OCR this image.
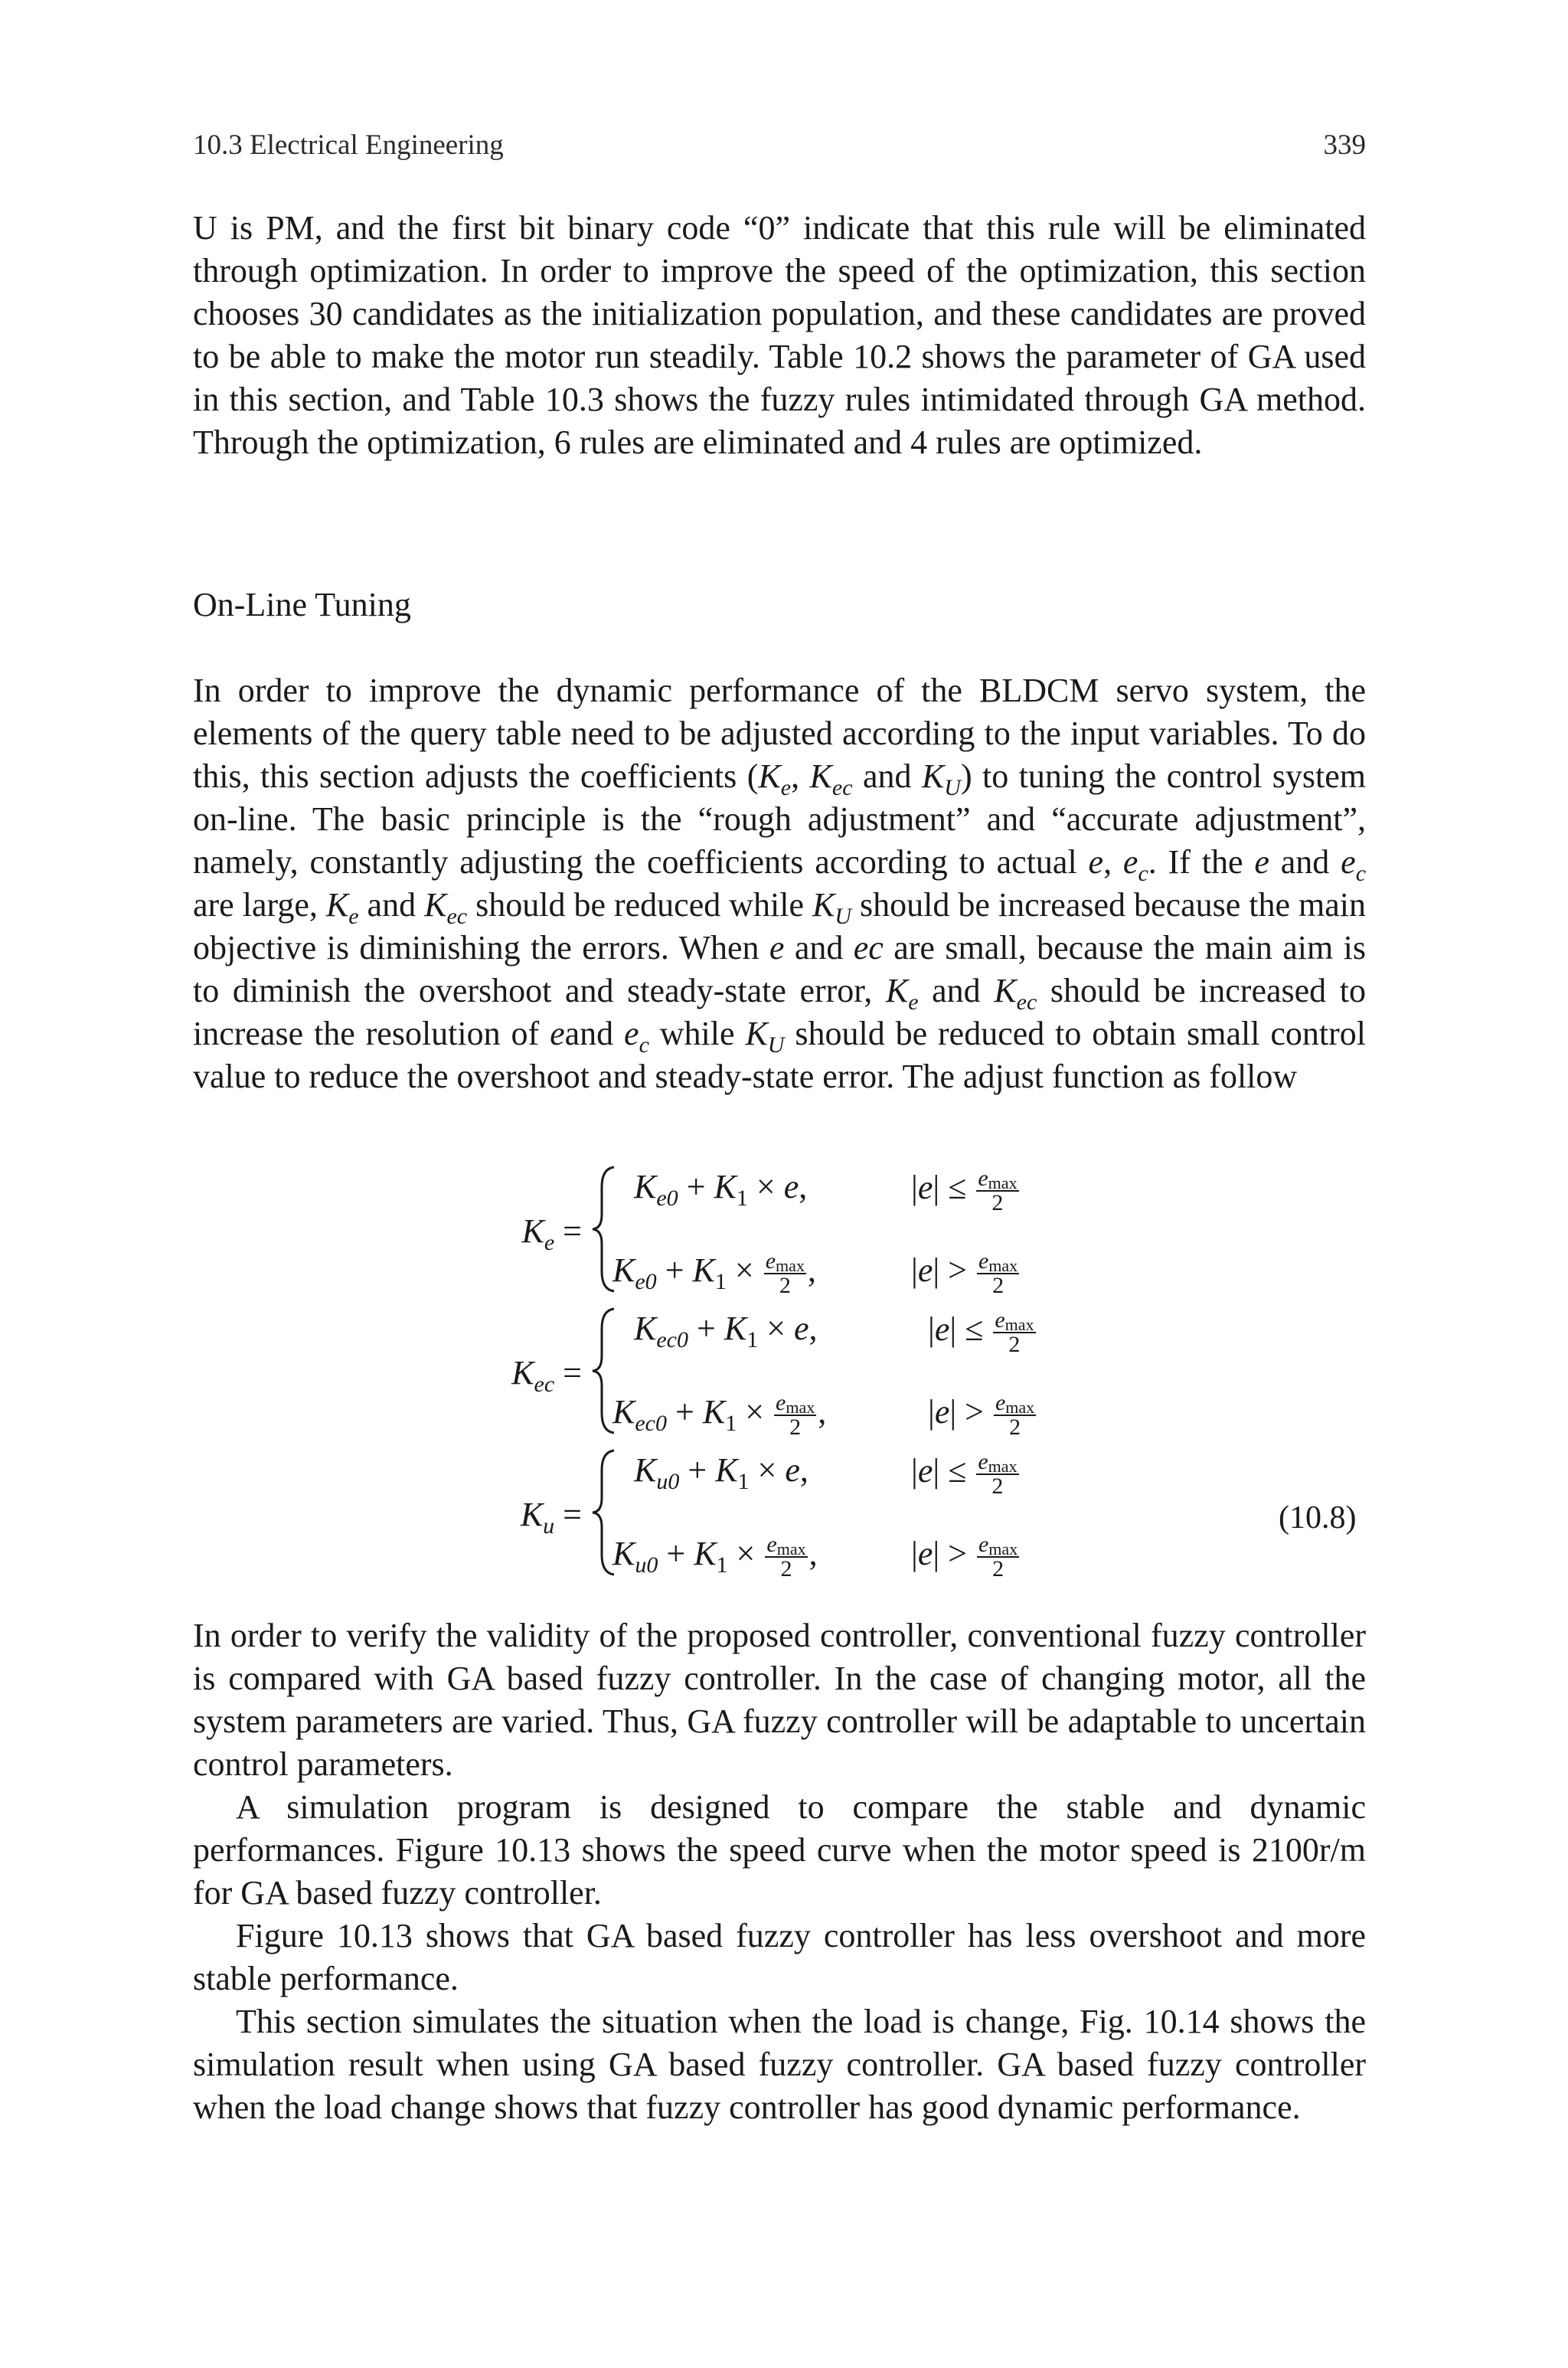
10.3 Electrical Engineering	339

U is PM, and the first bit binary code “0” indicate that this rule will be eliminated through optimization. In order to improve the speed of the optimization, this section chooses 30 candidates as the initialization population, and these candidates are proved to be able to make the motor run steadily. Table 10.2 shows the parameter of GA used in this section, and Table 10.3 shows the fuzzy rules intimidated through GA method. Through the optimization, 6 rules are eliminated and 4 rules are optimized.

On-Line Tuning

In order to improve the dynamic performance of the BLDCM servo system, the elements of the query table need to be adjusted according to the input variables. To do this, this section adjusts the coefficients ($K_e$, $K_{ec}$ and $K_U$) to tuning the control system on-line. The basic principle is the “rough adjustment” and “accurate adjustment”, namely, constantly adjusting the coefficients according to actual e, $e_c$. If the e and $e_c$ are large, $K_e$ and $K_{ec}$ should be reduced while $K_U$ should be increased because the main objective is diminishing the errors. When e and ec are small, because the main aim is to diminish the overshoot and steady-state error, $K_e$ and $K_{ec}$ should be increased to increase the resolution of eand $e_c$ while $K_U$ should be reduced to obtain small control value to reduce the overshoot and steady-state error. The adjust function as follow

$K_e$ =
$K_{e0} + K_1 \times e$,	$|e| \le \frac{e_{max}}{2}$
$K_{e0} + K_1 \times \frac{e_{max}}{2}$ ,	$|e| > \frac{e_{max}}{2}$
$K_{ec}$ =
$K_{ec0} + K_1 \times e$,	$|e| \le \frac{e_{max}}{2}$
$K_{ec0} + K_1 \times \frac{e_{max}}{2}$ ,	$|e| > \frac{e_{max}}{2}$
$K_u$ =
$K_{u0} + K_1 \times e$,	$|e| \le \frac{e_{max}}{2}$
$K_{u0} + K_1 \times \frac{e_{max}}{2}$ ,	$|e| > \frac{e_{max}}{2}$
(10.8)

In order to verify the validity of the proposed controller, conventional fuzzy controller is compared with GA based fuzzy controller. In the case of changing motor, all the system parameters are varied. Thus, GA fuzzy controller will be adaptable to uncertain control parameters.

A simulation program is designed to compare the stable and dynamic performances. Figure 10.13 shows the speed curve when the motor speed is 2100r/m for GA based fuzzy controller.

Figure 10.13 shows that GA based fuzzy controller has less overshoot and more stable performance.

This section simulates the situation when the load is change, Fig. 10.14 shows the simulation result when using GA based fuzzy controller. GA based fuzzy controller when the load change shows that fuzzy controller has good dynamic performance.
